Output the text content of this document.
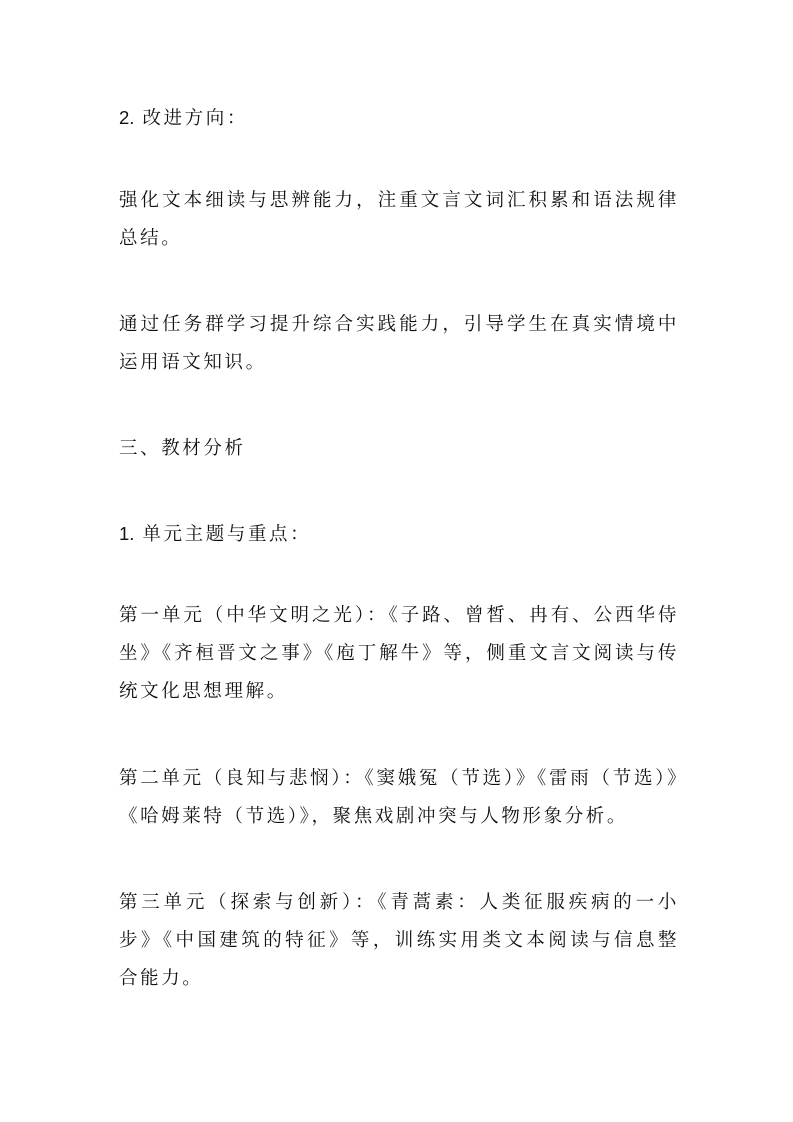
2. 改进方向：

强化文本细读与思辨能力，注重文言文词汇积累和语法规律总结。

通过任务群学习提升综合实践能力，引导学生在真实情境中运用语文知识。

三、教材分析

1. 单元主题与重点：

第一单元（中华文明之光）：《子路、曾皙、冉有、公西华侍坐》《齐桓晋文之事》《庖丁解牛》等，侧重文言文阅读与传统文化思想理解。

第二单元（良知与悲悯）：《窦娥冤（节选）》《雷雨（节选）》《哈姆莱特（节选）》，聚焦戏剧冲突与人物形象分析。

第三单元（探索与创新）：《青蒿素：人类征服疾病的一小步》《中国建筑的特征》等，训练实用类文本阅读与信息整合能力。
